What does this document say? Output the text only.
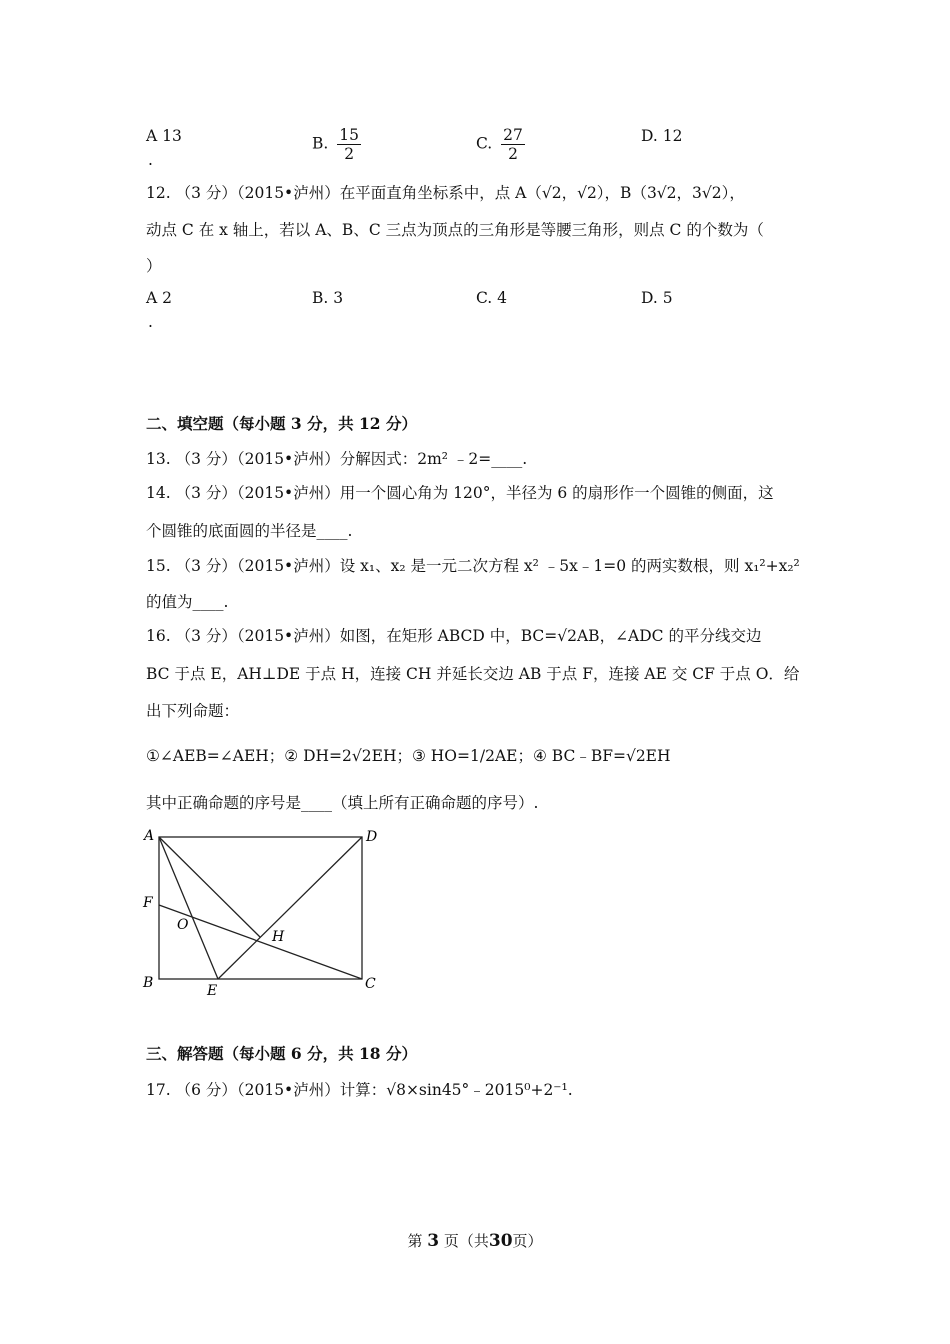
A 13
.
B. $\frac{15}{2}$	C. $\frac{27}{2}$	D. 12
12. （3 分）（2015•泸州）在平面直角坐标系中，点 A（√2，√2），B（3√2，3√2），
动点 C 在 x 轴上，若以 A、B、C 三点为顶点的三角形是等腰三角形，则点 C 的个数为（
）
A 2
.
B. 3	C. 4	D. 5
二、填空题（每小题 3 分，共 12 分）
13. （3 分）（2015•泸州）分解因式：2m² ﹣2=____.
14. （3 分）（2015•泸州）用一个圆心角为 120°，半径为 6 的扇形作一个圆锥的侧面，这
个圆锥的底面圆的半径是____.
15. （3 分）（2015•泸州）设 x₁、x₂ 是一元二次方程 x² ﹣5x﹣1=0 的两实数根，则 x₁²+x₂²
的值为____.
16. （3 分）（2015•泸州）如图，在矩形 ABCD 中，BC=√2AB，∠ADC 的平分线交边
BC 于点 E，AH⊥DE 于点 H，连接 CH 并延长交边 AB 于点 F，连接 AE 交 CF 于点 O．给
出下列命题：
①∠AEB=∠AEH；② DH=2√2EH；③ HO=1/2AE；④ BC﹣BF=√2EH
其中正确命题的序号是____（填上所有正确命题的序号）.
A	D
F
O
H
B	E	C
三、解答题（每小题 6 分，共 18 分）
17. （6 分）（2015•泸州）计算：√8×sin45°﹣2015⁰+2⁻¹.
第 3 页（共30页）
